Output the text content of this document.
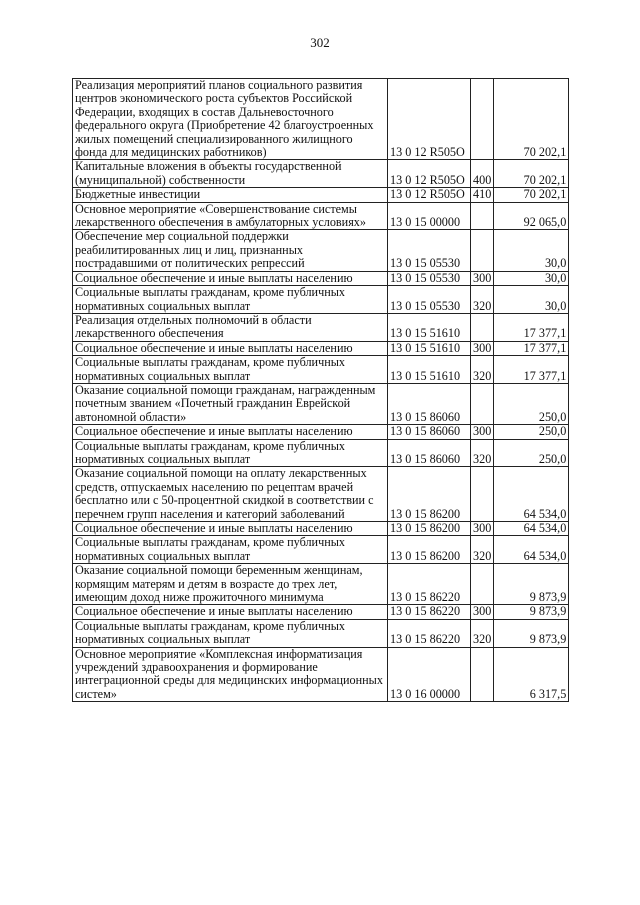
302
Реализация мероприятий планов социального развития центров экономического роста субъектов Российской Федерации, входящих в состав Дальневосточного федерального округа (Приобретение 42 благоустроенных жилых помещений специализированного жилищного фонда для медицинских работников)	13 0 12 R505O		70 202,1
Капитальные вложения в объекты государственной (муниципальной) собственности	13 0 12 R505O	400	70 202,1
Бюджетные инвестиции	13 0 12 R505O	410	70 202,1
Основное мероприятие «Совершенствование системы лекарственного обеспечения в амбулаторных условиях»	13 0 15 00000		92 065,0
Обеспечение мер социальной поддержки реабилитированных лиц и лиц, признанных пострадавшими от политических репрессий	13 0 15 05530		30,0
Социальное обеспечение и иные выплаты населению	13 0 15 05530	300	30,0
Социальные выплаты гражданам, кроме публичных нормативных социальных выплат	13 0 15 05530	320	30,0
Реализация отдельных полномочий в области лекарственного обеспечения	13 0 15 51610		17 377,1
Социальное обеспечение и иные выплаты населению	13 0 15 51610	300	17 377,1
Социальные выплаты гражданам, кроме публичных нормативных социальных выплат	13 0 15 51610	320	17 377,1
Оказание социальной помощи гражданам, награжденным почетным званием «Почетный гражданин Еврейской автономной области»	13 0 15 86060		250,0
Социальное обеспечение и иные выплаты населению	13 0 15 86060	300	250,0
Социальные выплаты гражданам, кроме публичных нормативных социальных выплат	13 0 15 86060	320	250,0
Оказание социальной помощи на оплату лекарственных средств, отпускаемых населению по рецептам врачей бесплатно или с 50-процентной скидкой в соответствии с перечнем групп населения и категорий заболеваний	13 0 15 86200		64 534,0
Социальное обеспечение и иные выплаты населению	13 0 15 86200	300	64 534,0
Социальные выплаты гражданам, кроме публичных нормативных социальных выплат	13 0 15 86200	320	64 534,0
Оказание социальной помощи беременным женщинам, кормящим матерям и детям в возрасте до трех лет, имеющим доход ниже прожиточного минимума	13 0 15 86220		9 873,9
Социальное обеспечение и иные выплаты населению	13 0 15 86220	300	9 873,9
Социальные выплаты гражданам, кроме публичных нормативных социальных выплат	13 0 15 86220	320	9 873,9
Основное мероприятие «Комплексная информатизация учреждений здравоохранения и формирование интеграционной среды для медицинских информационных систем»	13 0 16 00000		6 317,5
